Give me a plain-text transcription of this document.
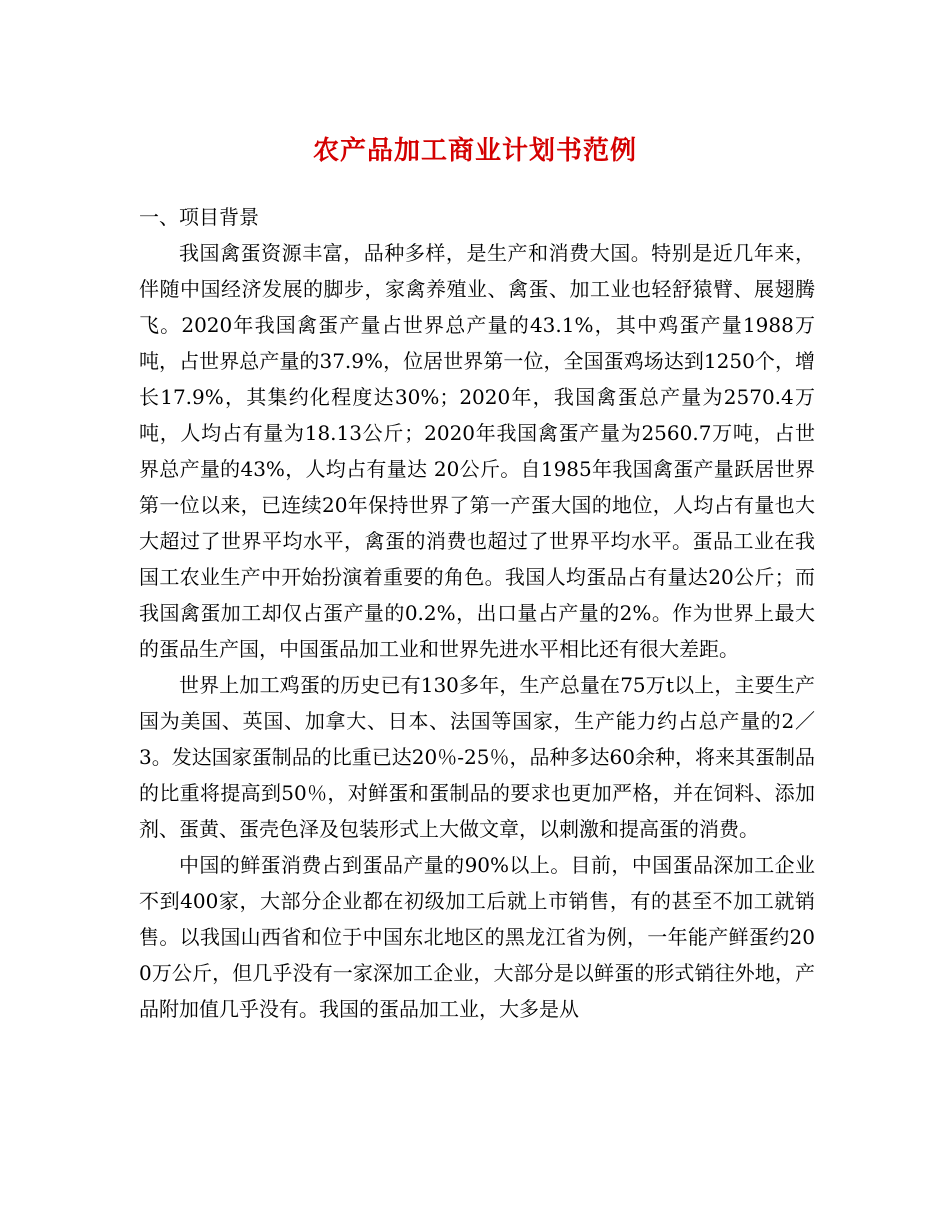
农产品加工商业计划书范例

一、项目背景

我国禽蛋资源丰富，品种多样，是生产和消费大国。特别是近几年来，伴随中国经济发展的脚步，家禽养殖业、禽蛋、加工业也轻舒猿臂、展翅腾飞。2020年我国禽蛋产量占世界总产量的43.1%，其中鸡蛋产量1988万吨，占世界总产量的37.9%，位居世界第一位，全国蛋鸡场达到1250个，增长17.9%，其集约化程度达30%；2020年，我国禽蛋总产量为2570.4万吨，人均占有量为18.13公斤；2020年我国禽蛋产量为2560.7万吨，占世界总产量的43%，人均占有量达 20公斤。自1985年我国禽蛋产量跃居世界第一位以来，已连续20年保持世界了第一产蛋大国的地位，人均占有量也大大超过了世界平均水平，禽蛋的消费也超过了世界平均水平。蛋品工业在我国工农业生产中开始扮演着重要的角色。我国人均蛋品占有量达20公斤；而我国禽蛋加工却仅占蛋产量的0.2%，出口量占产量的2%。作为世界上最大的蛋品生产国，中国蛋品加工业和世界先进水平相比还有很大差距。

世界上加工鸡蛋的历史已有130多年，生产总量在75万t以上，主要生产国为美国、英国、加拿大、日本、法国等国家，生产能力约占总产量的2／3。发达国家蛋制品的比重已达20％-25％，品种多达60余种，将来其蛋制品的比重将提高到50％，对鲜蛋和蛋制品的要求也更加严格，并在饲料、添加剂、蛋黄、蛋壳色泽及包装形式上大做文章，以刺激和提高蛋的消费。

中国的鲜蛋消费占到蛋品产量的90%以上。目前，中国蛋品深加工企业不到400家，大部分企业都在初级加工后就上市销售，有的甚至不加工就销售。以我国山西省和位于中国东北地区的黑龙江省为例，一年能产鲜蛋约200万公斤，但几乎没有一家深加工企业，大部分是以鲜蛋的形式销往外地，产品附加值几乎没有。我国的蛋品加工业，大多是从
